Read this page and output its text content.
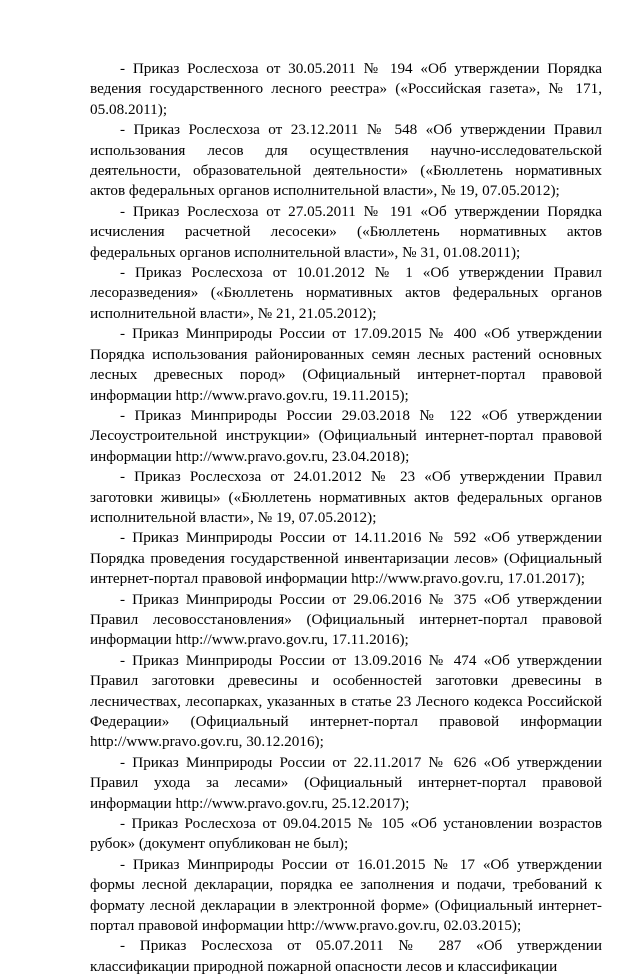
- Приказ Рослесхоза от 30.05.2011 № 194 «Об утверждении Порядка ведения государственного лесного реестра» («Российская газета», № 171, 05.08.2011);

- Приказ Рослесхоза от 23.12.2011 № 548 «Об утверждении Правил использования лесов для осуществления научно-исследовательской деятельности, образовательной деятельности» («Бюллетень нормативных актов федеральных органов исполнительной власти», № 19, 07.05.2012);

- Приказ Рослесхоза от 27.05.2011 № 191 «Об утверждении Порядка исчисления расчетной лесосеки» («Бюллетень нормативных актов федеральных органов исполнительной власти», № 31, 01.08.2011);

- Приказ Рослесхоза от 10.01.2012 № 1 «Об утверждении Правил лесоразведения» («Бюллетень нормативных актов федеральных органов исполнительной власти», № 21, 21.05.2012);

- Приказ Минприроды России от 17.09.2015 № 400 «Об утверждении Порядка использования районированных семян лесных растений основных лесных древесных пород» (Официальный интернет-портал правовой информации http://www.pravo.gov.ru, 19.11.2015);

- Приказ Минприроды России 29.03.2018 № 122 «Об утверждении Лесоустроительной инструкции» (Официальный интернет-портал правовой информации http://www.pravo.gov.ru, 23.04.2018);

- Приказ Рослесхоза от 24.01.2012 № 23 «Об утверждении Правил заготовки живицы» («Бюллетень нормативных актов федеральных органов исполнительной власти», № 19, 07.05.2012);

- Приказ Минприроды России от 14.11.2016 № 592 «Об утверждении Порядка проведения государственной инвентаризации лесов» (Официальный интернет-портал правовой информации http://www.pravo.gov.ru, 17.01.2017);

- Приказ Минприроды России от 29.06.2016 № 375 «Об утверждении Правил лесовосстановления» (Официальный интернет-портал правовой информации http://www.pravo.gov.ru, 17.11.2016);

- Приказ Минприроды России от 13.09.2016 № 474 «Об утверждении Правил заготовки древесины и особенностей заготовки древесины в лесничествах, лесопарках, указанных в статье 23 Лесного кодекса Российской Федерации» (Официальный интернет-портал правовой информации http://www.pravo.gov.ru, 30.12.2016);

- Приказ Минприроды России от 22.11.2017 № 626 «Об утверждении Правил ухода за лесами» (Официальный интернет-портал правовой информации http://www.pravo.gov.ru, 25.12.2017);

- Приказ Рослесхоза от 09.04.2015 № 105 «Об установлении возрастов рубок» (документ опубликован не был);

- Приказ Минприроды России от 16.01.2015 № 17 «Об утверждении формы лесной декларации, порядка ее заполнения и подачи, требований к формату лесной декларации в электронной форме» (Официальный интернет-портал правовой информации http://www.pravo.gov.ru, 02.03.2015);

- Приказ Рослесхоза от 05.07.2011 № 287 «Об утверждении классификации природной пожарной опасности лесов и классификации
